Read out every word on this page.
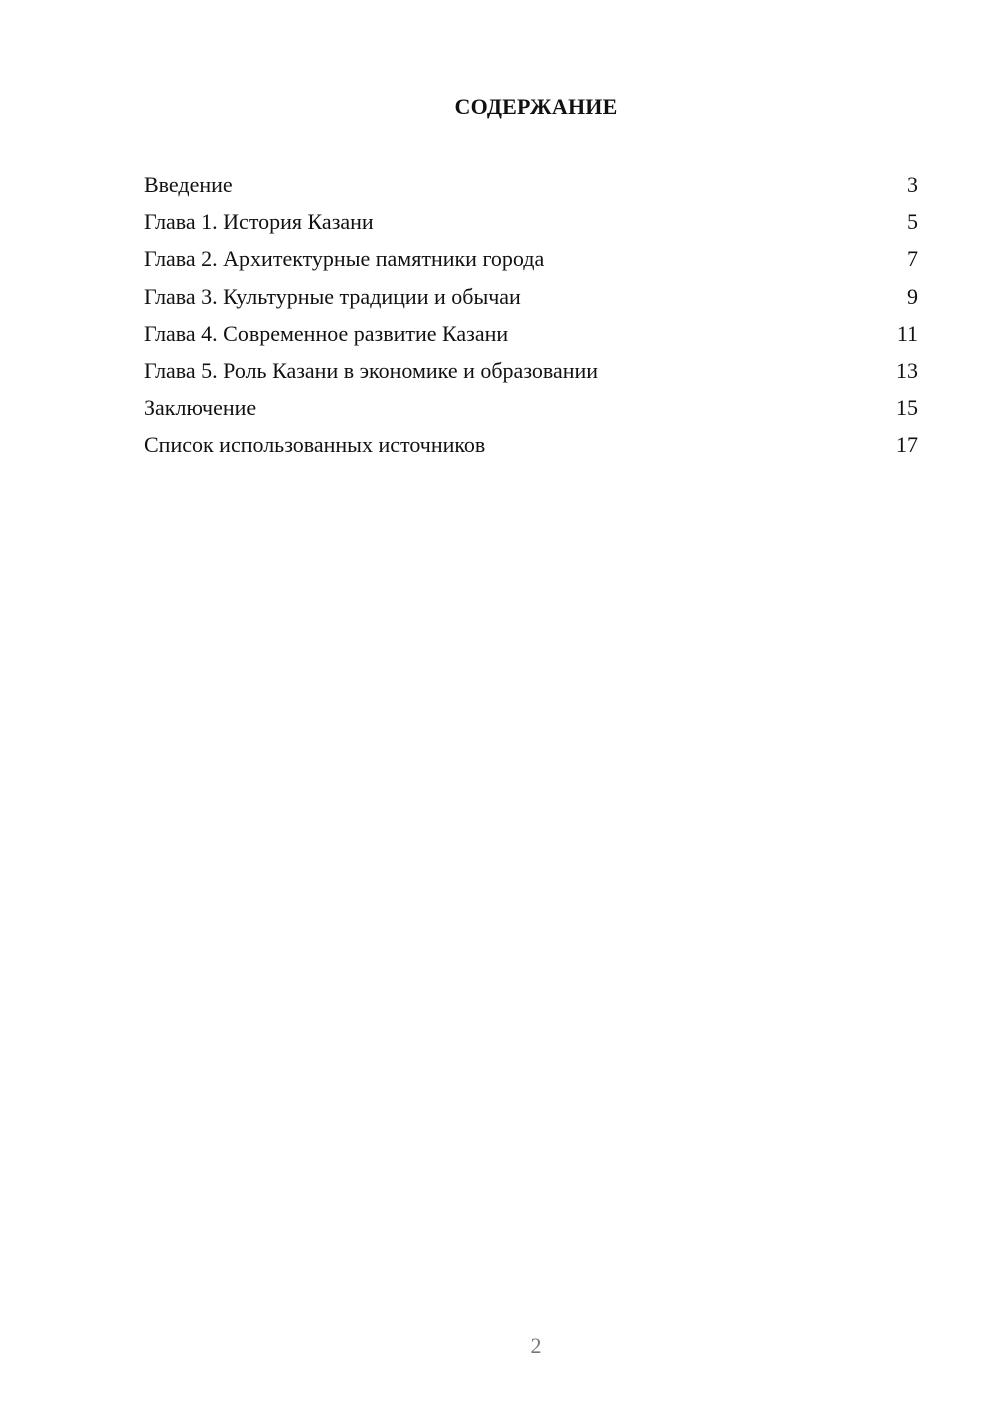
СОДЕРЖАНИЕ
Введение	3
Глава 1. История Казани	5
Глава 2. Архитектурные памятники города	7
Глава 3. Культурные традиции и обычаи	9
Глава 4. Современное развитие Казани	11
Глава 5. Роль Казани в экономике и образовании	13
Заключение	15
Список использованных источников	17
2
